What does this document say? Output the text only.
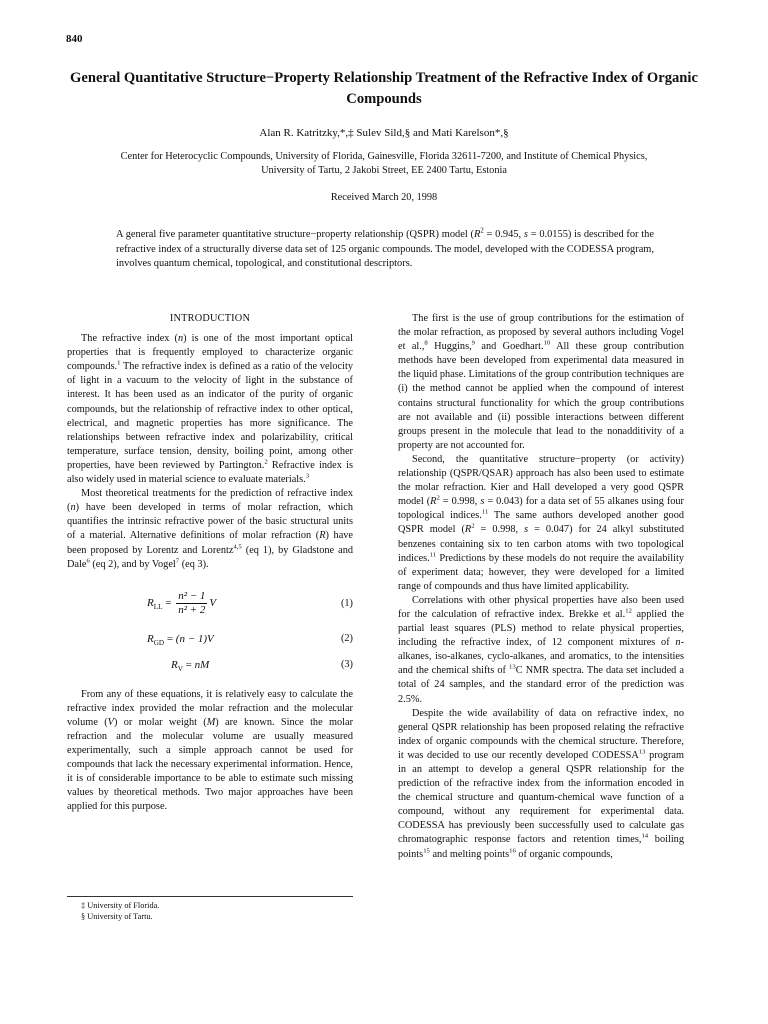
840
General Quantitative Structure−Property Relationship Treatment of the Refractive Index of Organic Compounds
Alan R. Katritzky,*,‡ Sulev Sild,§ and Mati Karelson*,§
Center for Heterocyclic Compounds, University of Florida, Gainesville, Florida 32611-7200, and Institute of Chemical Physics, University of Tartu, 2 Jakobi Street, EE 2400 Tartu, Estonia
Received March 20, 1998

A general five parameter quantitative structure−property relationship (QSPR) model ($R^2 = 0.945$, s = 0.0155) is described for the refractive index of a structurally diverse data set of 125 organic compounds. The model, developed with the CODESSA program, involves quantum chemical, topological, and constitutional descriptors.

INTRODUCTION

The refractive index (n) is one of the most important optical properties that is frequently employed to characterize organic compounds.$^1$ The refractive index is defined as a ratio of the velocity of light in a vacuum to the velocity of light in the substance of interest. It has been used as an indicator of the purity of organic compounds, but the relationship of refractive index to other optical, electrical, and magnetic properties has more significance. The relationships between refractive index and polarizability, critical temperature, surface tension, density, boiling point, among other properties, have been reviewed by Partington.$^2$ Refractive index is also widely used in material science to evaluate materials.$^3$

Most theoretical treatments for the prediction of refractive index (n) have been developed in terms of molar refraction, which quantifies the intrinsic refractive power of the basic structural units of a material. Alternative definitions of molar refraction (R) have been proposed by Lorentz and Lorentz$^{4,5}$ (eq 1), by Gladstone and Dale$^6$ (eq 2), and by Vogel$^7$ (eq 3).

$R_{LL} = \frac{\text{n² − 1}}{\text{n² + 2}}$ V	(1)
$R_{GD} = (n - 1)V$	(2)
$R_V$ = nM	(3)

From any of these equations, it is relatively easy to calculate the refractive index provided the molar refraction and the molecular volume (V) or molar weight (M) are known. Since the molar refraction and the molecular volume are usually measured experimentally, such a simple approach cannot be used for compounds that lack the necessary experimental information. Hence, it is of considerable importance to be able to estimate such missing values by theoretical methods. Two major approaches have been applied for this purpose.

‡ University of Florida.
§ University of Tartu.

The first is the use of group contributions for the estimation of the molar refraction, as proposed by several authors including Vogel et al.,$^8$ Huggins,$^9$ and Goedhart.$^{10}$ All these group contribution methods have been developed from experimental data measured in the liquid phase. Limitations of the group contribution techniques are (i) the method cannot be applied when the compound of interest contains structural functionality for which the group contributions are not available and (ii) possible interactions between different groups present in the molecule that lead to the nonadditivity of a property are not accounted for.

Second, the quantitative structure−property (or activity) relationship (QSPR/QSAR) approach has also been used to estimate the molar refraction. Kier and Hall developed a very good QSPR model ($R^2 = 0.998$, s = 0.043) for a data set of 55 alkanes using four topological indices.$^{11}$ The same authors developed another good QSPR model ($R^2 = 0.998$, s = 0.047) for 24 alkyl substituted benzenes containing six to ten carbon atoms with two topological indices.$^{11}$ Predictions by these models do not require the availability of experiment data; however, they were developed for a limited range of compounds and thus have limited applicability.

Correlations with other physical properties have also been used for the calculation of refractive index. Brekke et al.$^{12}$ applied the partial least squares (PLS) method to relate physical properties, including the refractive index, of 12 component mixtures of n-alkanes, iso-alkanes, cyclo-alkanes, and aromatics, to the intensities and the chemical shifts of $^{13}$C NMR spectra. The data set included a total of 24 samples, and the standard error of the prediction was 2.5%.

Despite the wide availability of data on refractive index, no general QSPR relationship has been proposed relating the refractive index of organic compounds with the chemical structure. Therefore, it was decided to use our recently developed CODESSA$^{13}$ program in an attempt to develop a general QSPR relationship for the prediction of the refractive index from the information encoded in the chemical structure and quantum-chemical wave function of a compound, without any requirement for experimental data. CODESSA has previously been successfully used to calculate gas chromatographic response factors and retention times,$^{14}$ boiling points$^{15}$ and melting points$^{16}$ of organic compounds,
